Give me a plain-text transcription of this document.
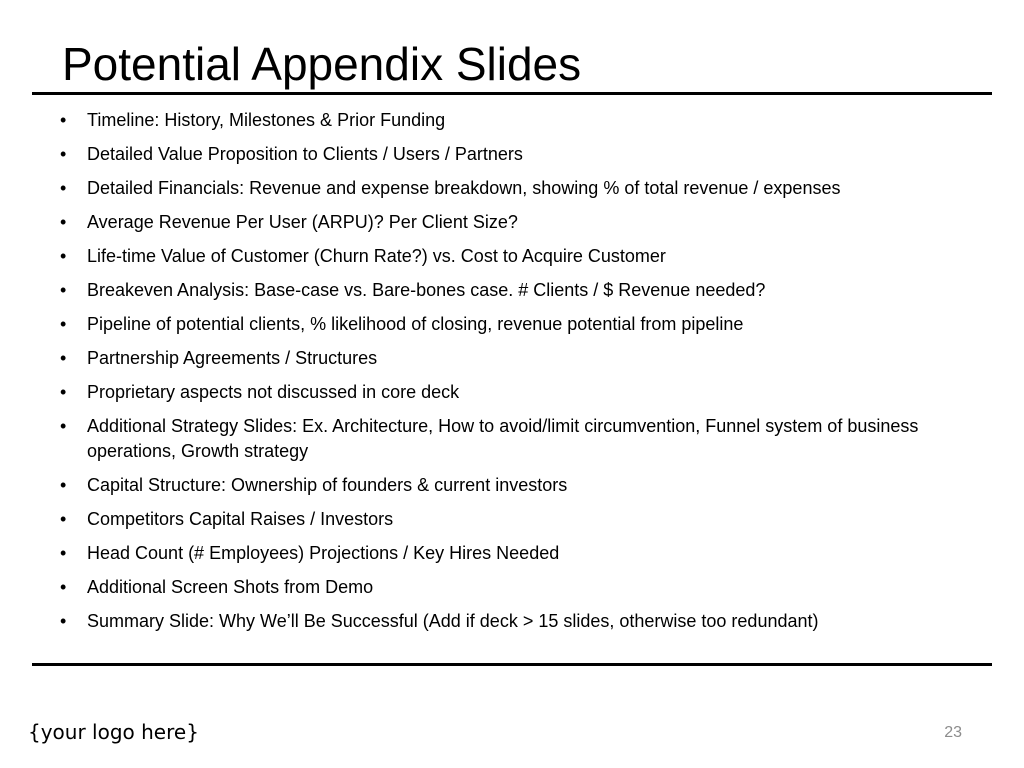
Potential Appendix Slides
• Timeline: History, Milestones & Prior Funding
• Detailed Value Proposition to Clients / Users / Partners
• Detailed Financials: Revenue and expense breakdown, showing % of total revenue / expenses
• Average Revenue Per User (ARPU)? Per Client Size?
• Life-time Value of Customer (Churn Rate?) vs. Cost to Acquire Customer
• Breakeven Analysis: Base-case vs. Bare-bones case. # Clients / $ Revenue needed?
• Pipeline of potential clients, % likelihood of closing, revenue potential from pipeline
• Partnership Agreements / Structures
• Proprietary aspects not discussed in core deck
• Additional Strategy Slides: Ex. Architecture, How to avoid/limit circumvention, Funnel system of business operations, Growth strategy
• Capital Structure: Ownership of founders & current investors
• Competitors Capital Raises / Investors
• Head Count (# Employees) Projections / Key Hires Needed
• Additional Screen Shots from Demo
• Summary Slide: Why We’ll Be Successful (Add if deck > 15 slides, otherwise too redundant)
{your logo here}	23
